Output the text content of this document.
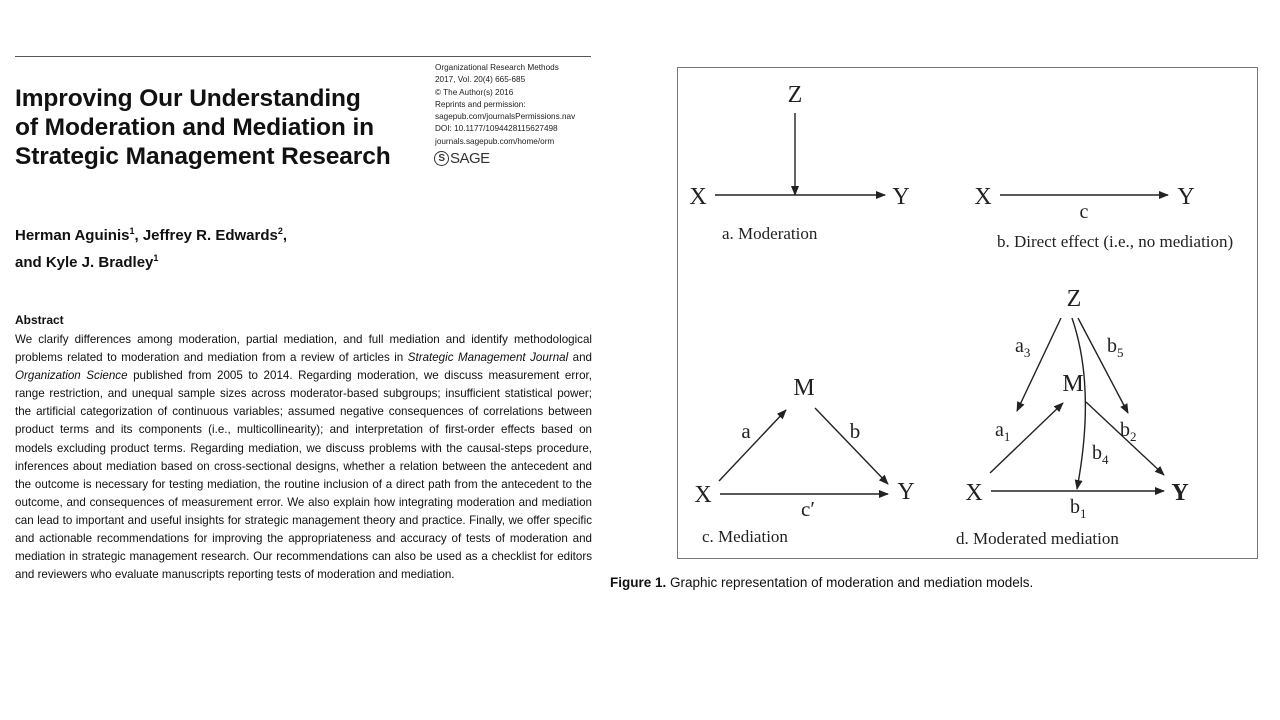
Improving Our Understanding
of Moderation and Mediation in
Strategic Management Research
Organizational Research Methods
2017, Vol. 20(4) 665-685
© The Author(s) 2016
Reprints and permission:
sagepub.com/journalsPermissions.nav
DOI: 10.1177/1094428115627498
journals.sagepub.com/home/orm
S SAGE
Herman Aguinis$^1$, Jeffrey R. Edwards$^2$,
and Kyle J. Bradley$^1$
Abstract
We clarify differences among moderation, partial mediation, and full mediation and identify methodological problems related to moderation and mediation from a review of articles in Strategic Management Journal and Organization Science published from 2005 to 2014. Regarding moderation, we discuss measurement error, range restriction, and unequal sample sizes across moderator-based subgroups; insufficient statistical power; the artificial categorization of continuous variables; assumed negative consequences of correlations between product terms and its components (i.e., multicollinearity); and interpretation of first-order effects based on models excluding product terms. Regarding mediation, we discuss problems with the causal-steps procedure, inferences about mediation based on cross-sectional designs, whether a relation between the antecedent and the outcome is necessary for testing mediation, the routine inclusion of a direct path from the antecedent to the outcome, and consequences of measurement error. We also explain how integrating moderation and mediation can lead to important and useful insights for strategic management theory and practice. Finally, we offer specific and actionable recommendations for improving the appropriateness and accuracy of tests of moderation and mediation in strategic management research. Our recommendations can also be used as a checklist for editors and reviewers who evaluate manuscripts reporting tests of moderation and mediation.
Z
X	Y
a. Moderation
X	Y
c
b. Direct effect (i.e., no mediation)
M
X	Y
a	b
c′
c. Mediation
Z
M
X	Y
$a_3$	$b_5$
$a_1$	$b_2$
$b_4$
$b_1$
d. Moderated mediation
Figure 1. Graphic representation of moderation and mediation models.
